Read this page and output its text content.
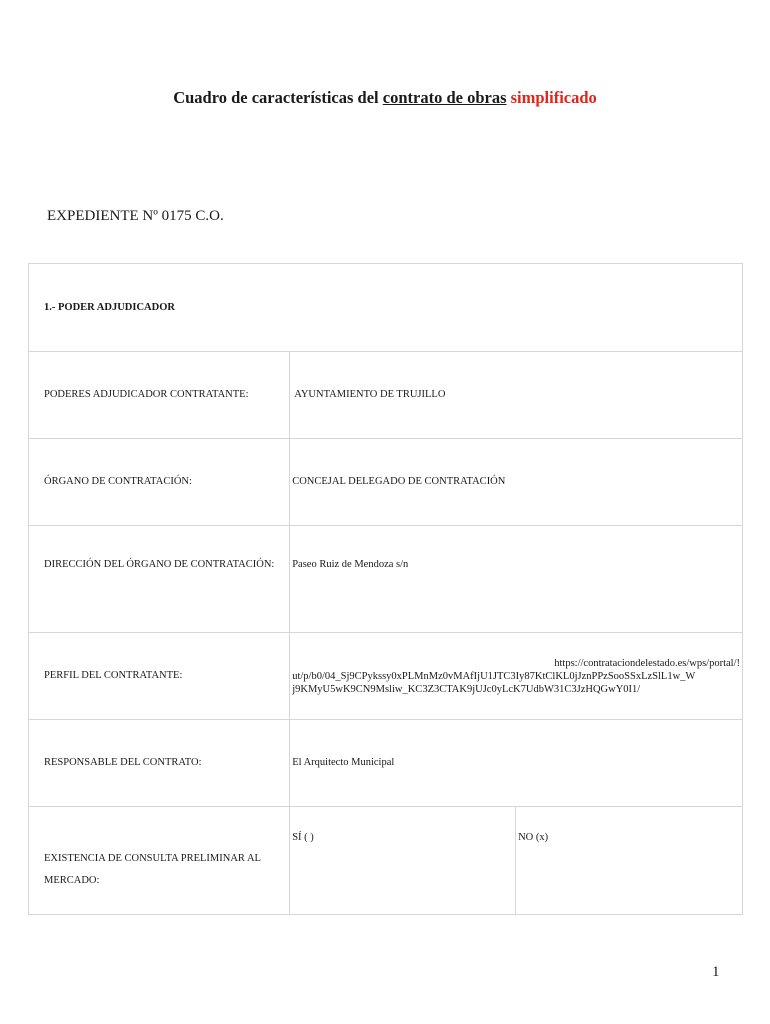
Cuadro de características del contrato de obras simplificado
EXPEDIENTE Nº 0175 C.O.
1.- PODER ADJUDICADOR		
PODERES ADJUDICADOR CONTRATANTE:	AYUNTAMIENTO DE TRUJILLO	
ÓRGANO DE CONTRATACIÓN:	CONCEJAL DELEGADO DE CONTRATACIÓN	
DIRECCIÓN DEL ÓRGANO DE CONTRATACIÓN:	Paseo Ruiz de Mendoza s/n	
PERFIL DEL CONTRATANTE:	https://contrataciondelestado.es/wps/portal/!
ut/p/b0/04_Sj9CPykssy0xPLMnMz0vMAfIjU1JTC3Iy87KtClKL0jJznPPzSooSSxLzSlL1w_W
j9KMyU5wK9CN9Msliw_KC3Z3CTAK9jUJc0yLcK7UdbW31C3JzHQGwY0I1/	

RESPONSABLE DEL CONTRATO:	El Arquitecto Municipal	
EXISTENCIA DE CONSULTA PRELIMINAR AL MERCADO:	SÍ ( )	NO (x)
1
